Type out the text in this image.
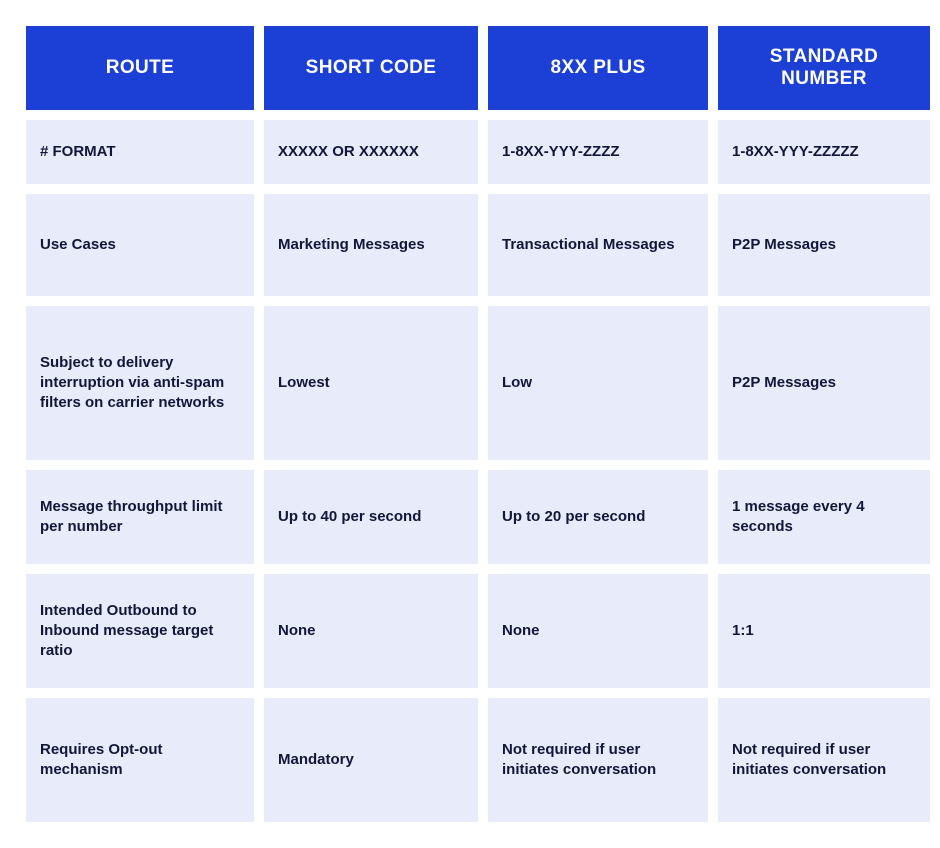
ROUTE	SHORT CODE	8XX PLUS	STANDARD NUMBER
# FORMAT	XXXXX OR XXXXXX	1-8XX-YYY-ZZZZ	1-8XX-YYY-ZZZZZ
Use Cases	Marketing Messages	Transactional Messages	P2P Messages
Subject to delivery interruption via anti-spam filters on carrier networks	Lowest	Low	P2P Messages
Message throughput limit per number	Up to 40 per second	Up to 20 per second	1 message every 4 seconds
Intended Outbound to Inbound message target ratio	None	None	1:1
Requires Opt-out mechanism	Mandatory	Not required if user initiates conversation	Not required if user initiates conversation
